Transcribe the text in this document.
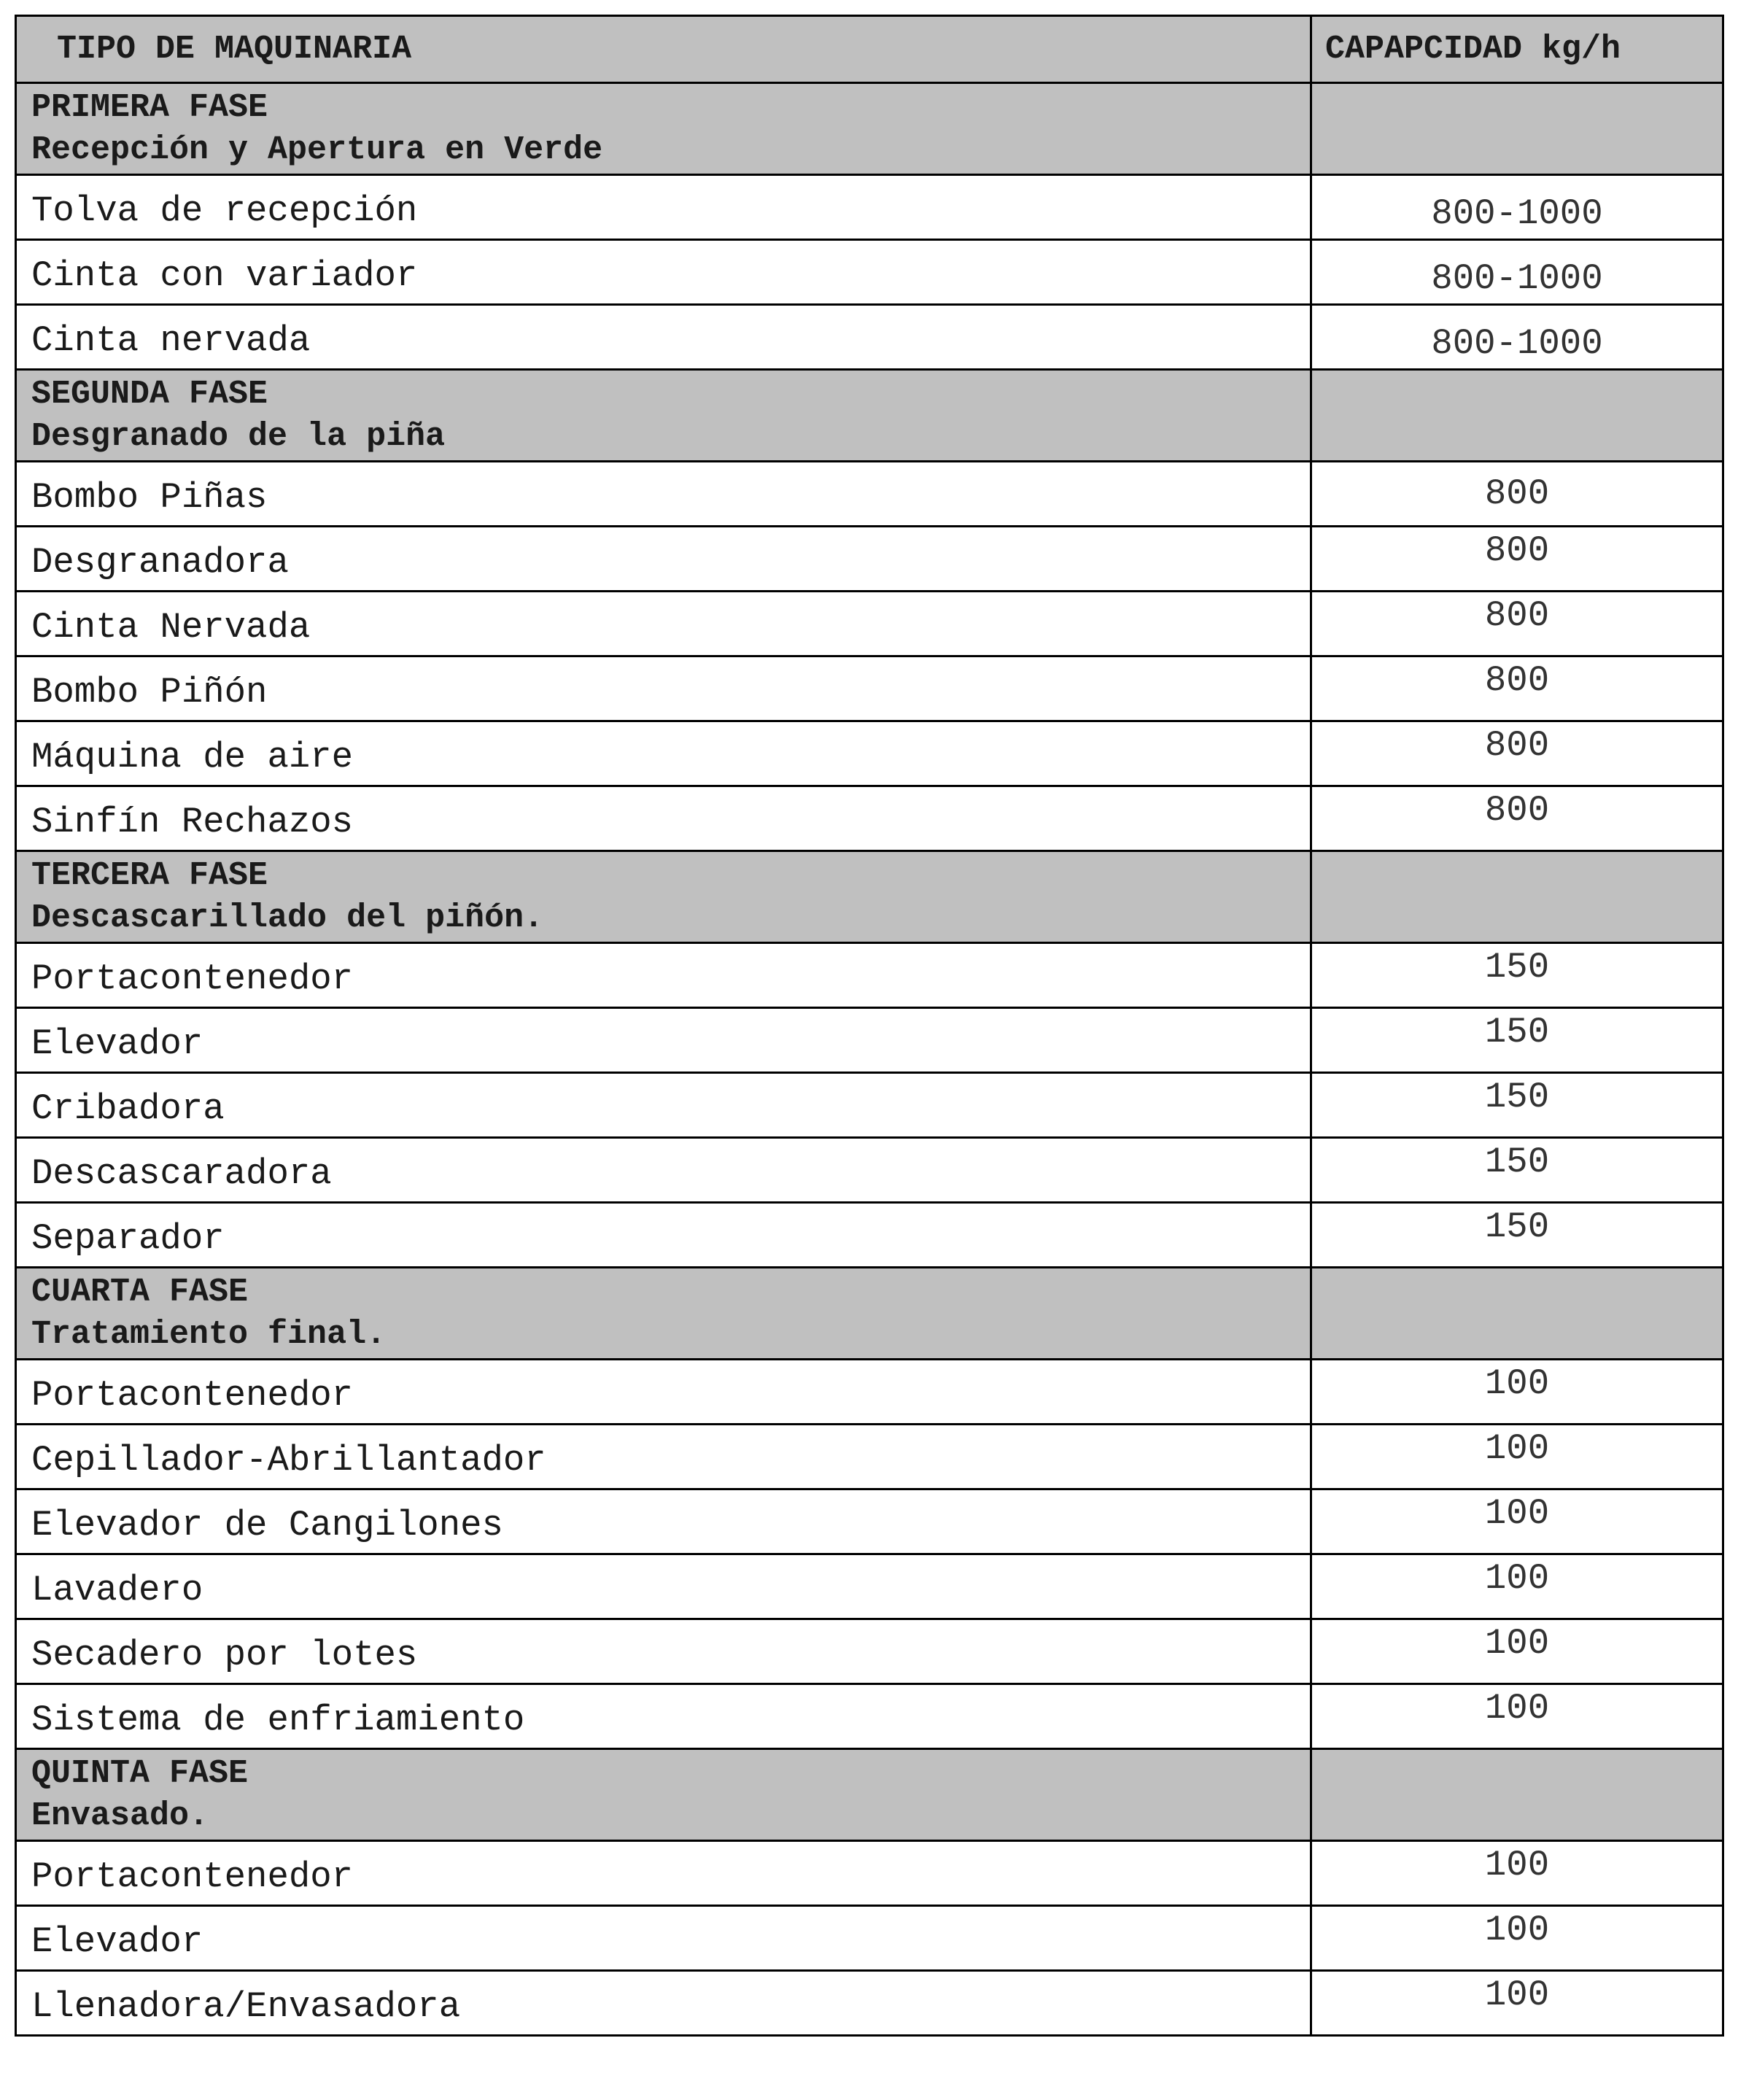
TIPO DE MAQUINARIA	CAPAPCIDAD kg/h

PRIMERA FASE
Recepción y Apertura en Verde	

Tolva de recepción	800-1000
Cinta con variador	800-1000
Cinta nervada	800-1000

SEGUNDA FASE
Desgranado de la piña	

Bombo Piñas	800
Desgranadora	800
Cinta Nervada	800
Bombo Piñón	800
Máquina de aire	800
Sinfín Rechazos	800

TERCERA FASE
Descascarillado del piñón.	

Portacontenedor	150
Elevador	150
Cribadora	150
Descascaradora	150
Separador	150

CUARTA FASE
Tratamiento final.	

Portacontenedor	100
Cepillador-Abrillantador	100
Elevador de Cangilones	100
Lavadero	100
Secadero por lotes	100
Sistema de enfriamiento	100

QUINTA FASE
Envasado.	

Portacontenedor	100
Elevador	100
Llenadora/Envasadora	100
